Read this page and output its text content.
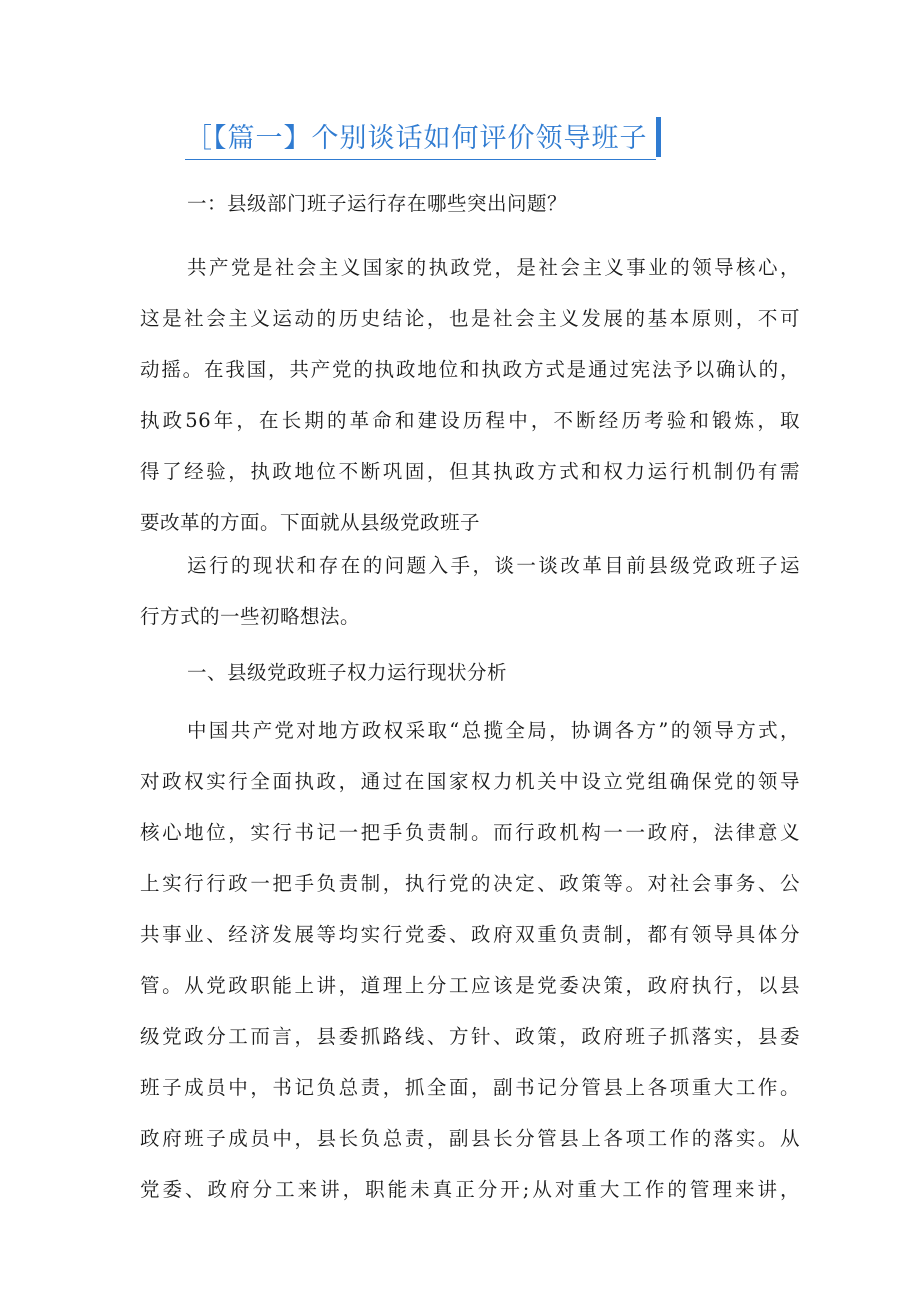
［【篇一】个别谈话如何评价领导班子
一：县级部门班子运行存在哪些突出问题？
共产党是社会主义国家的执政党，是社会主义事业的领导核心，
这是社会主义运动的历史结论，也是社会主义发展的基本原则，不可
动摇。在我国，共产党的执政地位和执政方式是通过宪法予以确认的，
执政56年，在长期的革命和建设历程中，不断经历考验和锻炼，取
得了经验，执政地位不断巩固，但其执政方式和权力运行机制仍有需
要改革的方面。下面就从县级党政班子
运行的现状和存在的问题入手，谈一谈改革目前县级党政班子运
行方式的一些初略想法。
一、县级党政班子权力运行现状分析
中国共产党对地方政权采取“总揽全局，协调各方”的领导方式，
对政权实行全面执政，通过在国家权力机关中设立党组确保党的领导
核心地位，实行书记一把手负责制。而行政机构一一政府，法律意义
上实行行政一把手负责制，执行党的决定、政策等。对社会事务、公
共事业、经济发展等均实行党委、政府双重负责制，都有领导具体分
管。从党政职能上讲，道理上分工应该是党委决策，政府执行，以县
级党政分工而言，县委抓路线、方针、政策，政府班子抓落实，县委
班子成员中，书记负总责，抓全面，副书记分管县上各项重大工作。
政府班子成员中，县长负总责，副县长分管县上各项工作的落实。从
党委、政府分工来讲，职能未真正分开;从对重大工作的管理来讲，
